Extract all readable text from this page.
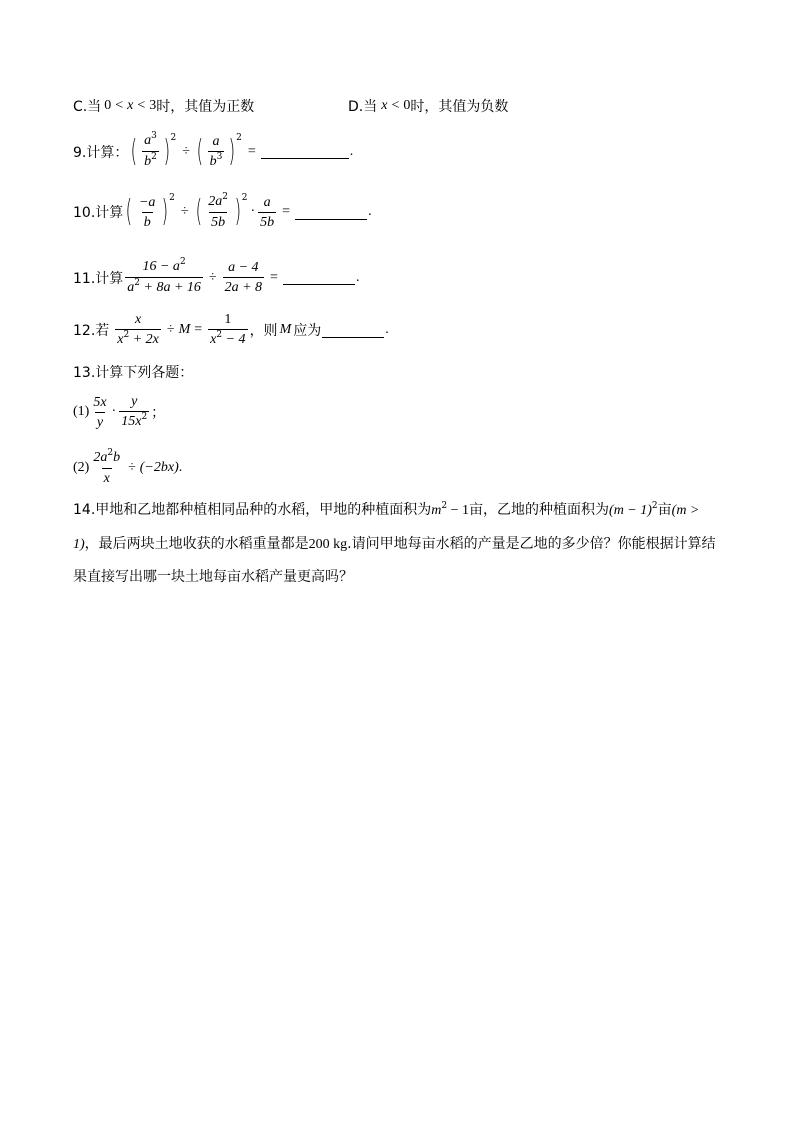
C.当 0 < x < 3 时，其值为正数	D.当 x < 0 时，其值为负数
9.计算： ( $\frac{a^3}{b^2}$ ) 2
÷ ( $\frac{a}{b^3}$ ) 2
=	.
10.计算 ( $\frac{-a}{b}$ ) 2
÷ ( $\frac{2a^2}{5b}$ ) 2
· $\frac{a}{5b}$ =	.
11.计算 $\frac{16 - a^2}{a^2 + 8a + 16} \div \frac{a - 4}{2a + 8}$ =	.
12.若 $\frac{x}{x^2 + 2x} \div M = \frac{1}{x^2 - 4}$ ，则 M 应为	.
13.计算下列各题：
$(1) \frac{5x}{y} \cdot \frac{y}{15x^2}$ ；
$(2) \frac{2a^2b}{x} \div (-2bx)$ .
14.甲地和乙地都种植相同品种的水稻，甲地的种植面积为$m^2 - 1$亩，乙地的种植面积为$(m - 1)^2$亩(m > 1)，最后两块土地收获的水稻重量都是200 kg.请问甲地每亩水稻的产量是乙地的多少倍？你能根据计算结果直接写出哪一块土地每亩水稻产量更高吗？
